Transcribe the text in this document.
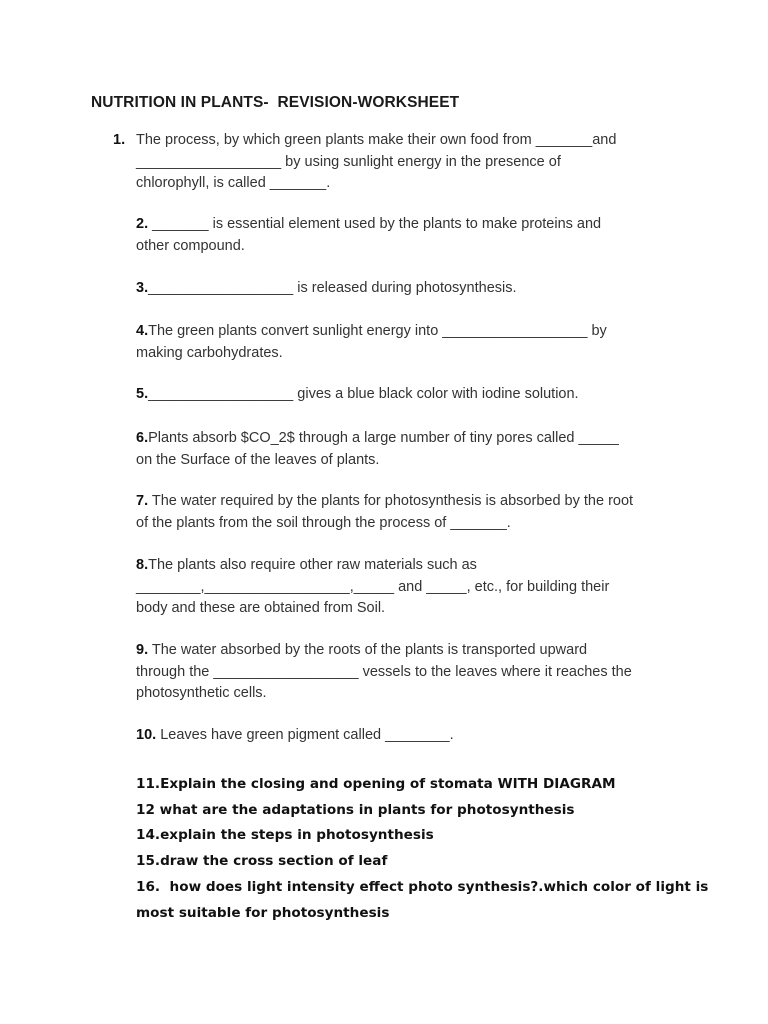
NUTRITION IN PLANTS-  REVISION-WORKSHEET
1. The process, by which green plants make their own food from _______and
__________________ by using sunlight energy in the presence of
chlorophyll, is called _______.
2. _______ is essential element used by the plants to make proteins and
other compound.
3.__________________ is released during photosynthesis.
4.The green plants convert sunlight energy into __________________ by
making carbohydrates.
5.__________________ gives a blue black color with iodine solution.
6.Plants absorb $CO_2$ through a large number of tiny pores called _____
on the Surface of the leaves of plants.
7. The water required by the plants for photosynthesis is absorbed by the root
of the plants from the soil through the process of _______.
8.The plants also require other raw materials such as
________,__________________,_____ and _____, etc., for building their
body and these are obtained from Soil.
9. The water absorbed by the roots of the plants is transported upward
through the __________________ vessels to the leaves where it reaches the
photosynthetic cells.
10. Leaves have green pigment called ________.
11.Explain the closing and opening of stomata WITH DIAGRAM
12 what are the adaptations in plants for photosynthesis
14.explain the steps in photosynthesis
15.draw the cross section of leaf
16.  how does light intensity effect photo synthesis?.which color of light is
most suitable for photosynthesis
